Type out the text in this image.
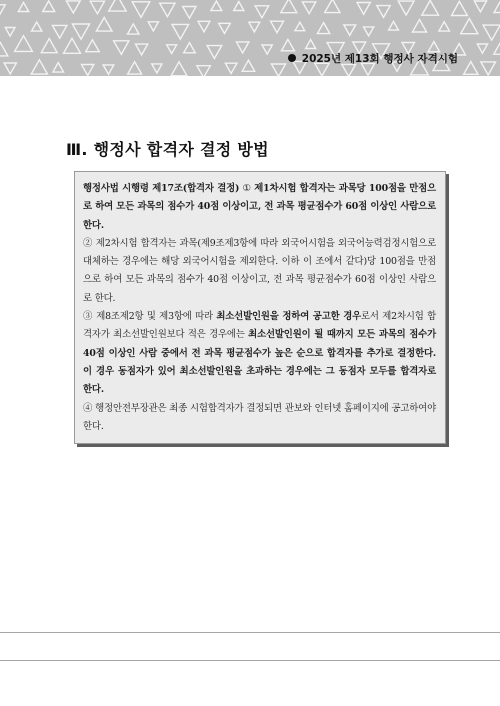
2025년 제13회 행정사 자격시험
Ⅲ. 행정사 합격자 결정 방법

행정사법 시행령 제17조(합격자 결정) ① 제1차시험 합격자는 과목당 100점을 만점으로 하여 모든 과목의 점수가 40점 이상이고, 전 과목 평균점수가 60점 이상인 사람으로 한다.

② 제2차시험 합격자는 과목(제9조제3항에 따라 외국어시험을 외국어능력검정시험으로 대체하는 경우에는 해당 외국어시험을 제외한다. 이하 이 조에서 같다)당 100점을 만점으로 하여 모든 과목의 점수가 40점 이상이고, 전 과목 평균점수가 60점 이상인 사람으로 한다.

③ 제8조제2항 및 제3항에 따라 최소선발인원을 정하여 공고한 경우로서 제2차시험 합격자가 최소선발인원보다 적은 경우에는 최소선발인원이 될 때까지 모든 과목의 점수가 40점 이상인 사람 중에서 전 과목 평균점수가 높은 순으로 합격자를 추가로 결정한다. 이 경우 동점자가 있어 최소선발인원을 초과하는 경우에는 그 동점자 모두를 합격자로 한다.

④ 행정안전부장관은 최종 시험합격자가 결정되면 관보와 인터넷 홈페이지에 공고하여야 한다.
